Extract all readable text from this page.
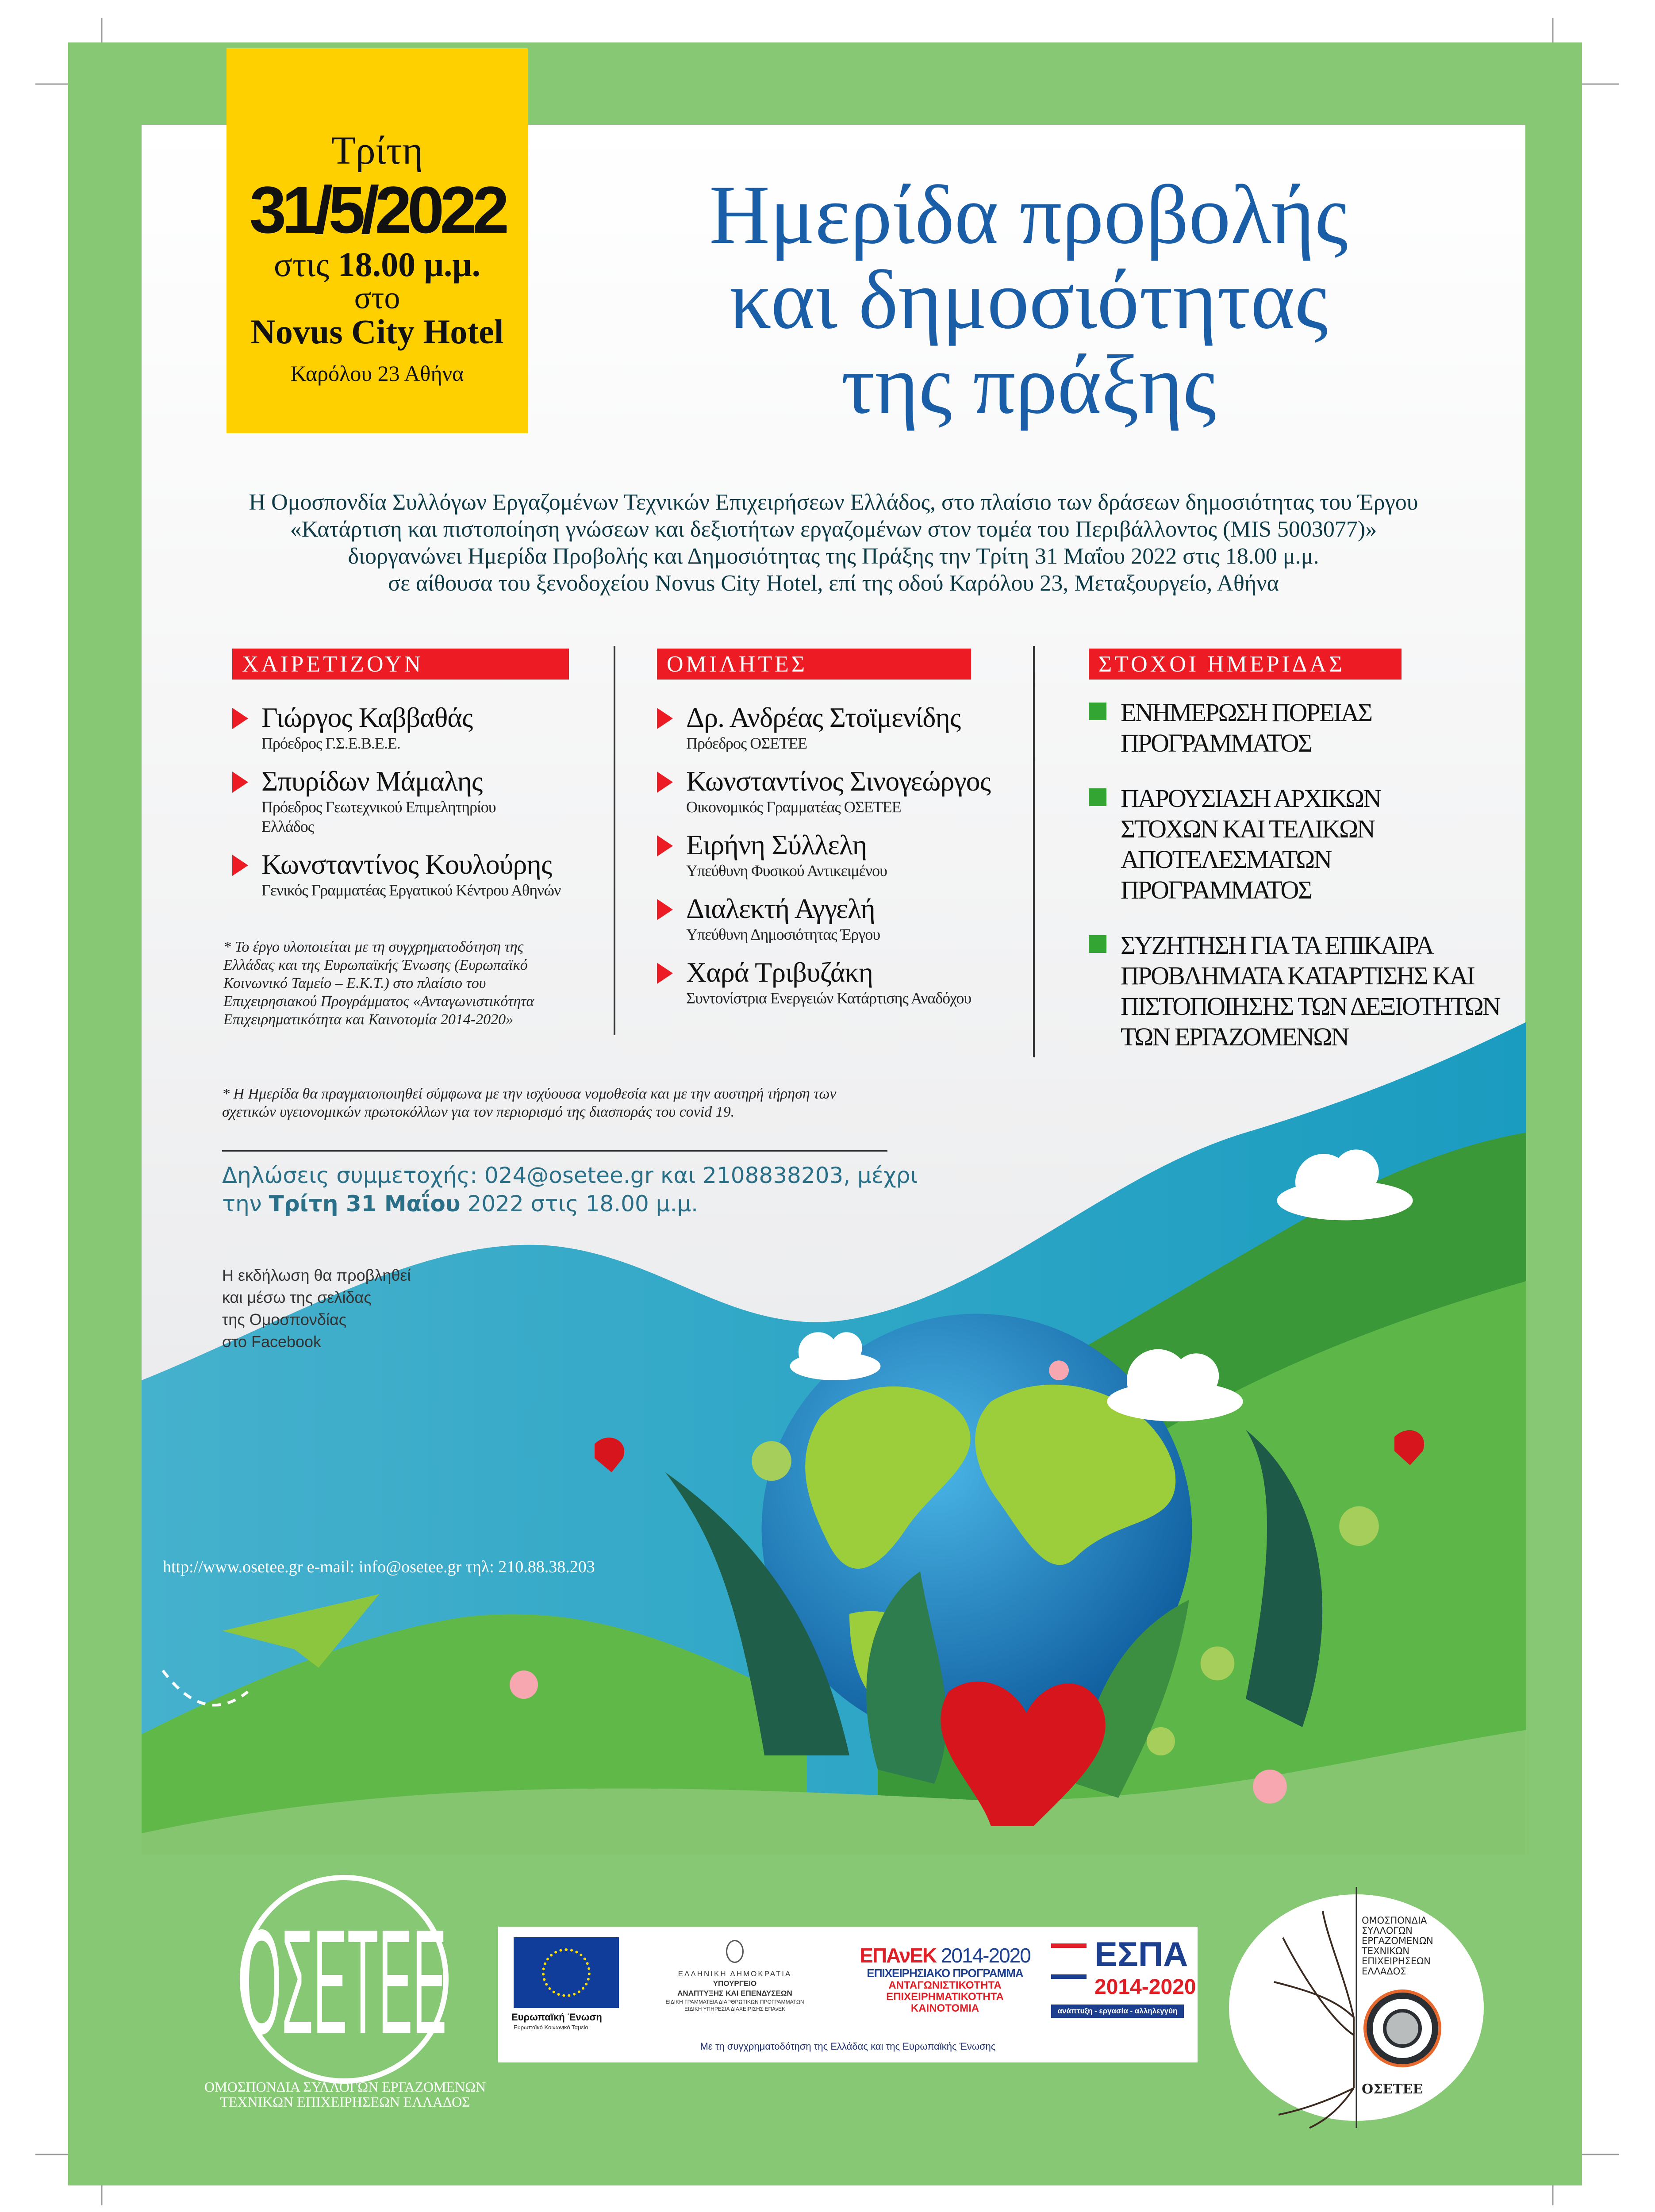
ΟΣΕΤΕΕ
Τρίτη
31/5/2022
στις 18.00 μ.μ.
στο
Novus City Hotel
Καρόλου 23 Αθήνα
Ημερίδα προβολής
και δημοσιότητας
της πράξης
Η Ομοσπονδία Συλλόγων Εργαζομένων Τεχνικών Επιχειρήσεων Ελλάδος, στο πλαίσιο των δράσεων δημοσιότητας του Έργου
«Κατάρτιση και πιστοποίηση γνώσεων και δεξιοτήτων εργαζομένων στον τομέα του Περιβάλλοντος (MIS 5003077)»
διοργανώνει Ημερίδα Προβολής και Δημοσιότητας της Πράξης την Τρίτη 31 Μαΐου 2022 στις 18.00 μ.μ.
σε αίθουσα του ξενοδοχείου Novus City Hotel, επί της οδού Καρόλου 23, Μεταξουργείο, Αθήνα
ΧΑΙΡΕΤΙΖΟΥΝ
Γιώργος Καββαθάς
Πρόεδρος Γ.Σ.Ε.Β.Ε.Ε.
Σπυρίδων Μάμαλης
Πρόεδρος Γεωτεχνικού Επιμελητηρίου Ελλάδος
Κωνσταντίνος Κουλούρης
Γενικός Γραμματέας Εργατικού Κέντρου Αθηνών
* Το έργο υλοποιείται με τη συγχρηματοδότηση της Ελλάδας και της Ευρωπαϊκής Ένωσης (Ευρωπαϊκό Κοινωνικό Ταμείο – Ε.Κ.Τ.) στο πλαίσιο του Επιχειρησιακού Προγράμματος «Ανταγωνιστικότητα Επιχειρηματικότητα και Καινοτομία 2014-2020»
ΟΜΙΛΗΤΕΣ
Δρ. Ανδρέας Στοϊμενίδης
Πρόεδρος ΟΣΕΤΕΕ
Κωνσταντίνος Σινογεώργος
Οικονομικός Γραμματέας ΟΣΕΤΕΕ
Ειρήνη Σύλλελη
Υπεύθυνη Φυσικού Αντικειμένου
Διαλεκτή Αγγελή
Υπεύθυνη Δημοσιότητας Έργου
Χαρά Τριβυζάκη
Συντονίστρια Ενεργειών Κατάρτισης Αναδόχου
ΣΤΟΧΟΙ ΗΜΕΡΙΔΑΣ
ΕΝΗΜΕΡΩΣΗ ΠΟΡΕΙΑΣ ΠΡΟΓΡΑΜΜΑΤΟΣ
ΠΑΡΟΥΣΙΑΣΗ ΑΡΧΙΚΩΝ ΣΤΟΧΩΝ ΚΑΙ ΤΕΛΙΚΩΝ ΑΠΟΤΕΛΕΣΜΑΤΩΝ ΠΡΟΓΡΑΜΜΑΤΟΣ
ΣΥΖΗΤΗΣΗ ΓΙΑ ΤΑ ΕΠΙΚΑΙΡΑ ΠΡΟΒΛΗΜΑΤΑ ΚΑΤΑΡΤΙΣΗΣ ΚΑΙ ΠΙΣΤΟΠΟΙΗΣΗΣ ΤΩΝ ΔΕΞΙΟΤΗΤΩΝ ΤΩΝ ΕΡΓΑΖΟΜΕΝΩΝ
* Η Ημερίδα θα πραγματοποιηθεί σύμφωνα με την ισχύουσα νομοθεσία και με την αυστηρή τήρηση των σχετικών υγειονομικών πρωτοκόλλων για τον περιορισμό της διασποράς του covid 19.
Δηλώσεις συμμετοχής: 024@osetee.gr και 2108838203, μέχρι
την Τρίτη 31 Μαΐου 2022 στις 18.00 μ.μ.
Η εκδήλωση θα προβληθεί
και μέσω της σελίδας
της Ομοσπονδίας
στο Facebook
http://www.osetee.gr e-mail: info@osetee.gr τηλ: 210.88.38.203
ΟΜΟΣΠΟΝΔΙΑ ΣΥΛΛΟΓΩΝ ΕΡΓΑΖΟΜΕΝΩΝ
ΤΕΧΝΙΚΩΝ ΕΠΙΧΕΙΡΗΣΕΩΝ ΕΛΛΑΔΟΣ
Ευρωπαϊκή Ένωση
Ευρωπαϊκό Κοινωνικό Ταμείο
ΕΛΛΗΝΙΚΗ ΔΗΜΟΚΡΑΤΙΑ
ΥΠΟΥΡΓΕΙΟ
ΑΝΑΠΤΥΞΗΣ ΚΑΙ ΕΠΕΝΔΥΣΕΩΝ
ΕΙΔΙΚΗ ΓΡΑΜΜΑΤΕΙΑ ΔΙΑΡΘΡΩΤΙΚΩΝ ΠΡΟΓΡΑΜΜΑΤΩΝ
ΕΙΔΙΚΗ ΥΠΗΡΕΣΙΑ ΔΙΑΧΕΙΡΙΣΗΣ ΕΠΑνΕΚ
ΕΠΑνΕΚ 2014-2020
ΕΠΙΧΕΙΡΗΣΙΑΚΟ ΠΡΟΓΡΑΜΜΑ
ΑΝΤΑΓΩΝΙΣΤΙΚΟΤΗΤΑ
ΕΠΙΧΕΙΡΗΜΑΤΙΚΟΤΗΤΑ
ΚΑΙΝΟΤΟΜΙΑ
ΕΣΠΑ
2014-2020
ανάπτυξη - εργασία - αλληλεγγύη
Με τη συγχρηματοδότηση της Ελλάδας και της Ευρωπαϊκής Ένωσης
ΟΜΟΣΠΟΝΔΙΑ
ΣΥΛΛΟΓΩΝ
ΕΡΓΑΖΟΜΕΝΩΝ
ΤΕΧΝΙΚΩΝ
ΕΠΙΧΕΙΡΗΣΕΩΝ
ΕΛΛΑΔΟΣ
ΟΣΕΤΕΕ
